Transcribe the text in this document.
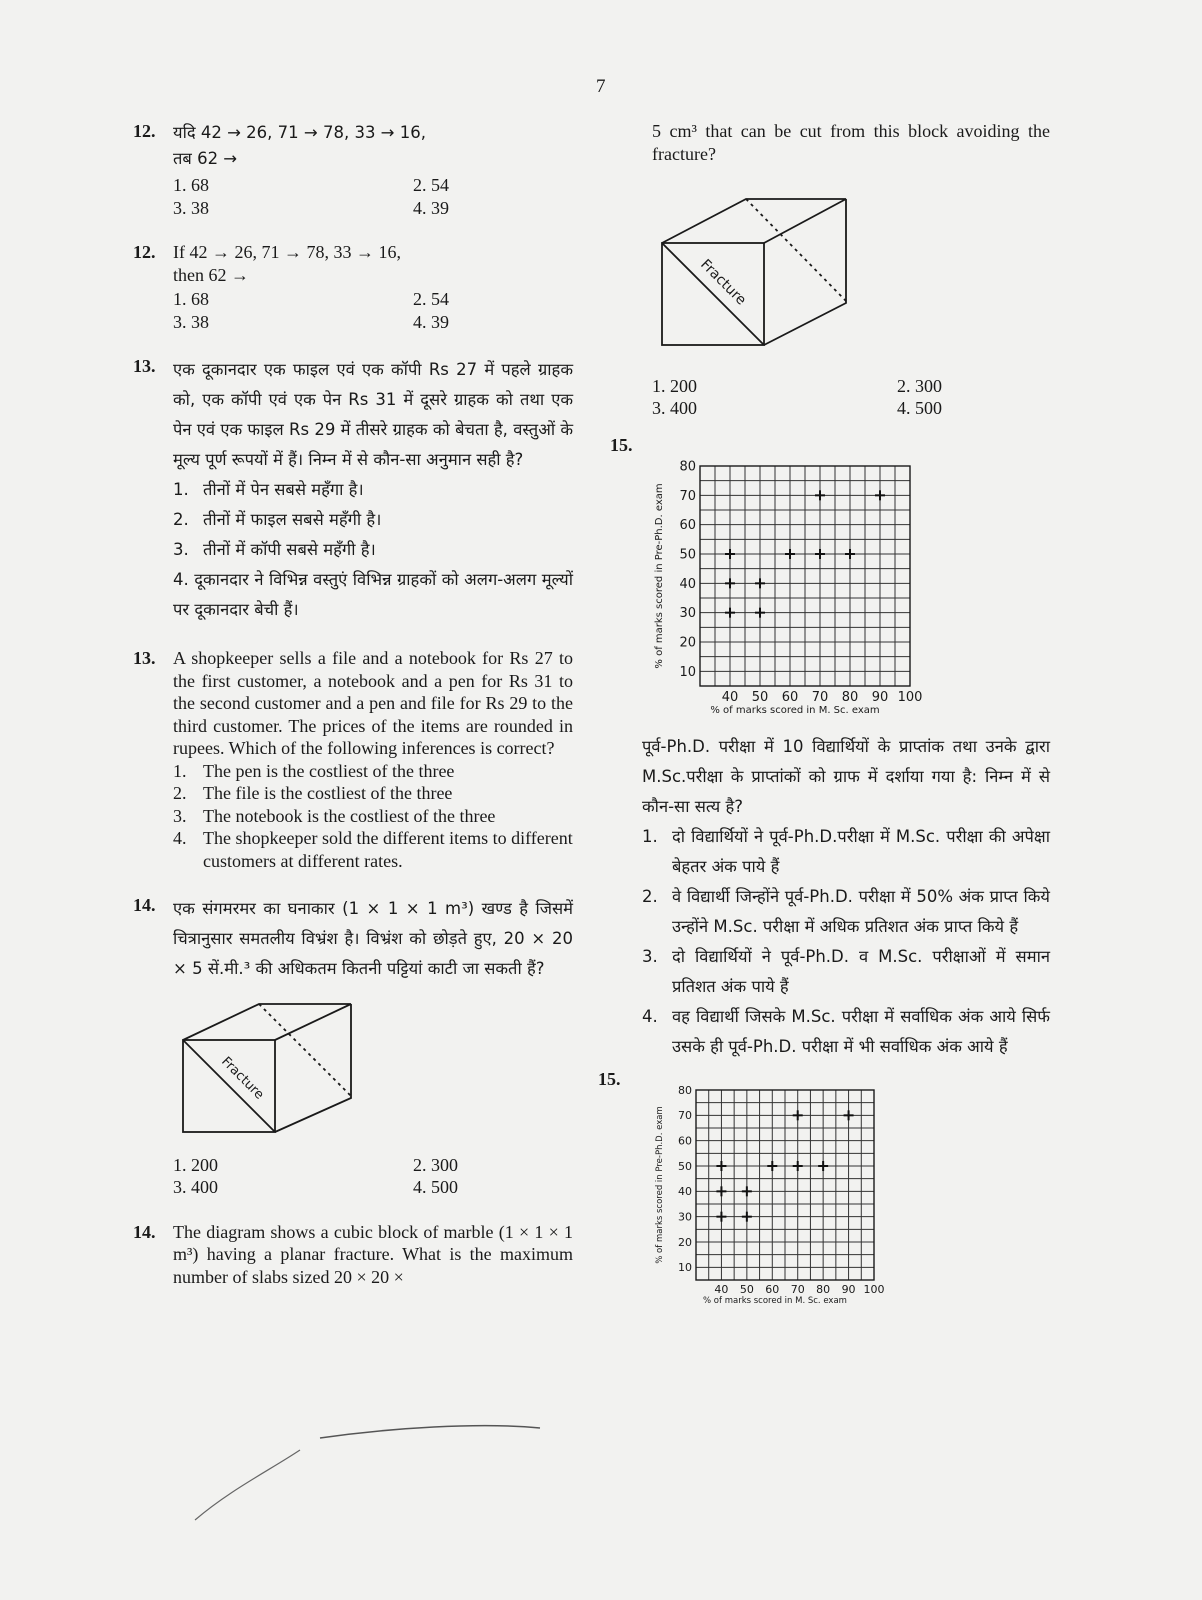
7
12. यदि 42 → 26, 71 → 78, 33 → 16,
तब 62 →
1. 68	2. 54
3. 38	4. 39
12. If 42 → 26, 71 → 78, 33 → 16,
then 62 →
1. 68	2. 54
3. 38	4. 39
13. एक दूकानदार एक फाइल एवं एक कॉपी Rs 27 में पहले ग्राहक को, एक कॉपी एवं एक पेन Rs 31 में दूसरे ग्राहक को तथा एक पेन एवं एक फाइल Rs 29 में तीसरे ग्राहक को बेचता है, वस्तुओं के मूल्य पूर्ण रूपयों में हैं। निम्न में से कौन-सा अनुमान सही है?
1. तीनों में पेन सबसे महँगा है।
2. तीनों में फाइल सबसे महँगी है।
3. तीनों में कॉपी सबसे महँगी है।
4. दूकानदार ने विभिन्न वस्तुएं विभिन्न ग्राहकों को अलग-अलग मूल्यों पर दूकानदार बेची हैं।
13. A shopkeeper sells a file and a notebook for Rs 27 to the first customer, a notebook and a pen for Rs 31 to the second customer and a pen and file for Rs 29 to the third customer. The prices of the items are rounded in rupees. Which of the following inferences is correct?
1. The pen is the costliest of the three
2. The file is the costliest of the three
3. The notebook is the costliest of the three
4. The shopkeeper sold the different items to different customers at different rates.
14. एक संगमरमर का घनाकार (1 × 1 × 1 m³) खण्ड है जिसमें चित्रानुसार समतलीय विभ्रंश है। विभ्रंश को छोड़ते हुए, 20 × 20 × 5 सें.मी.³ की अधिकतम कितनी पट्टियां काटी जा सकती हैं?
Fracture
1. 200	2. 300
3. 400	4. 500
14. The diagram shows a cubic block of marble (1 × 1 × 1 m³) having a planar fracture. What is the maximum number of slabs sized 20 × 20 ×
5 cm³ that can be cut from this block avoiding the fracture?
Fracture
1. 200	2. 300
3. 400	4. 500
15.
10
20
30
40
50
60
70
80
40 50 60 70 80 90 100
% of marks scored in M. Sc. exam
% of marks scored in Pre-Ph.D. exam
पूर्व-Ph.D. परीक्षा में 10 विद्यार्थियों के प्राप्तांक तथा उनके द्वारा M.Sc.परीक्षा के प्राप्तांकों को ग्राफ में दर्शाया गया है: निम्न में से कौन-सा सत्य है?
1. दो विद्यार्थियों ने पूर्व-Ph.D.परीक्षा में M.Sc. परीक्षा की अपेक्षा बेहतर अंक पाये हैं
2. वे विद्यार्थी जिन्होंने पूर्व-Ph.D. परीक्षा में 50% अंक प्राप्त किये उन्होंने M.Sc. परीक्षा में अधिक प्रतिशत अंक प्राप्त किये हैं
3. दो विद्यार्थियों ने पूर्व-Ph.D. व M.Sc. परीक्षाओं में समान प्रतिशत अंक पाये हैं
4. वह विद्यार्थी जिसके M.Sc. परीक्षा में सर्वाधिक अंक आये सिर्फ उसके ही पूर्व-Ph.D. परीक्षा में भी सर्वाधिक अंक आये हैं
15.
10
20
30
40
50
60
70
80
40 50 60 70 80 90 100
% of marks scored in M. Sc. exam
% of marks scored in Pre-Ph.D. exam
